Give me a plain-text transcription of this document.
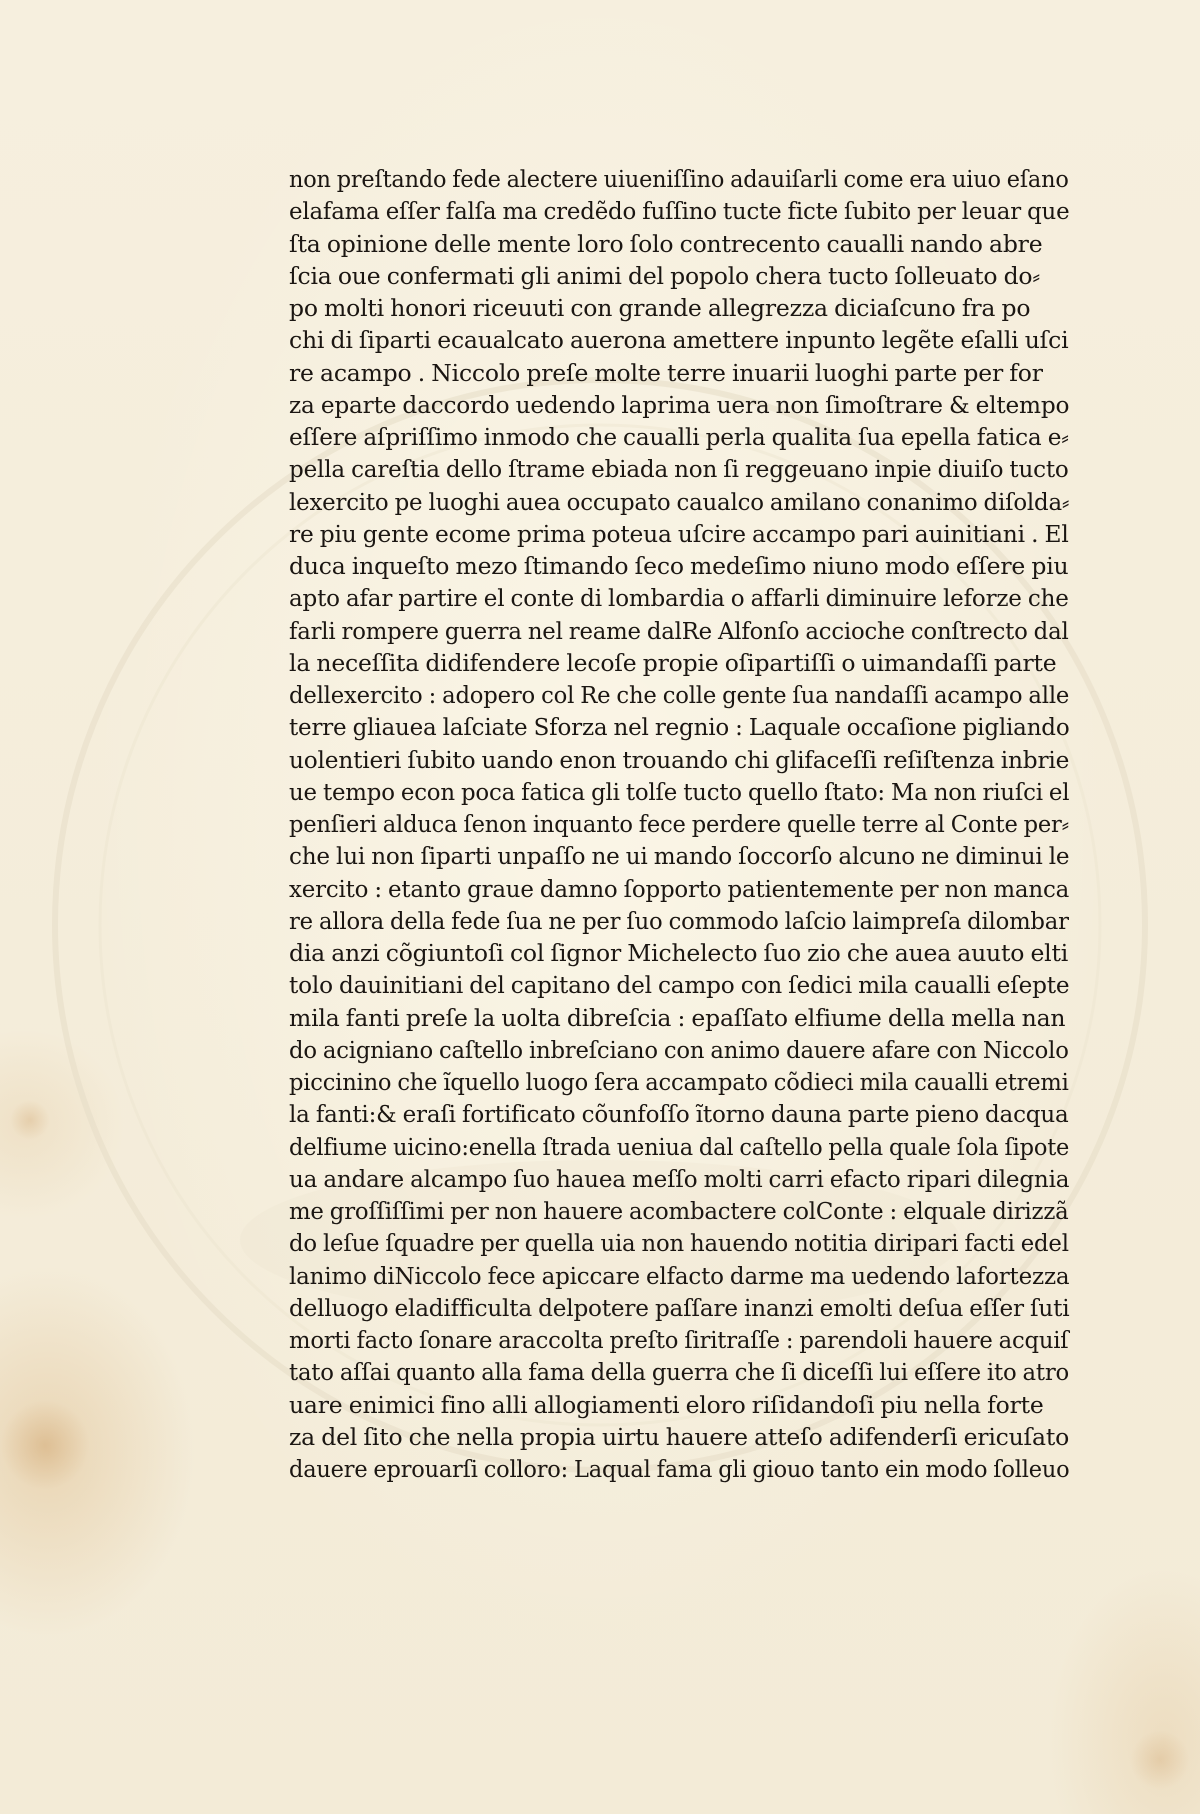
non preſtando fede alectere uiueniſſino adauiſarli come era uiuo eſano
elafama eſſer falſa ma credẽdo fuſſino tucte ficte ſubito per leuar que
ſta opinione delle mente loro ſolo contrecento caualli nando abre
ſcia oue confermati gli animi del popolo chera tucto ſolleuato do⸗
po molti honori riceuuti con grande allegrezza diciaſcuno fra po
chi di ſiparti ecaualcato auerona amettere inpunto legẽte eſalli uſci
re acampo . Niccolo preſe molte terre inuarii luoghi parte per for
za eparte daccordo uedendo laprima uera non ſimoſtrare & eltempo
eſſere aſpriſſimo inmodo che caualli perla qualita ſua epella fatica e⸗
pella careſtia dello ſtrame ebiada non ſi reggeuano inpie diuiſo tucto
lexercito pe luoghi auea occupato caualco amilano conanimo diſolda⸗
re piu gente ecome prima poteua uſcire accampo pari auinitiani . El
duca inqueſto mezo ſtimando ſeco medeſimo niuno modo eſſere piu
apto afar partire el conte di lombardia o affarli diminuire leforze che
farli rompere guerra nel reame dalRe Alfonſo accioche conſtrecto dal
la neceſſita didifendere lecoſe propie oſipartiſſi o uimandaſſi parte
dellexercito : adopero col Re che colle gente ſua nandaſſi acampo alle
terre gliauea laſciate Sforza nel regnio : Laquale occaſione pigliando
uolentieri ſubito uando enon trouando chi glifaceſſi reſiſtenza inbrie
ue tempo econ poca fatica gli tolſe tucto quello ſtato: Ma non riuſci el
penſieri alduca ſenon inquanto fece perdere quelle terre al Conte per⸗
che lui non ſiparti unpaſſo ne ui mando ſoccorſo alcuno ne diminui le
xercito : etanto graue damno ſopporto patientemente per non manca
re allora della fede ſua ne per ſuo commodo laſcio laimpreſa dilombar
dia anzi cõgiuntoſi col ſignor Michelecto ſuo zio che auea auuto elti
tolo dauinitiani del capitano del campo con ſedici mila caualli eſepte
mila fanti preſe la uolta dibreſcia : epaſſato elfiume della mella nan
do acigniano caſtello inbreſciano con animo dauere afare con Niccolo
piccinino che ĩquello luogo ſera accampato cõdieci mila caualli etremi
la fanti:& eraſi fortificato cõunfoſſo ĩtorno dauna parte pieno dacqua
delfiume uicino:enella ſtrada ueniua dal caſtello pella quale ſola ſipote
ua andare alcampo ſuo hauea meſſo molti carri efacto ripari dilegnia
me groſſiſſimi per non hauere acombactere colConte : elquale dirizzã
do leſue ſquadre per quella uia non hauendo notitia diripari facti edel
lanimo diNiccolo fece apiccare elfacto darme ma uedendo lafortezza
delluogo eladifficulta delpotere paſſare inanzi emolti deſua eſſer ſuti
morti facto ſonare araccolta preſto ſiritraſſe : parendoli hauere acquiſ
tato aſſai quanto alla fama della guerra che ſi diceſſi lui eſſere ito atro
uare enimici fino alli allogiamenti eloro riſidandoſi piu nella forte
za del ſito che nella propia uirtu hauere atteſo adifenderſi ericuſato
dauere eprouarſi colloro: Laqual fama gli giouo tanto ein modo ſolleuo
